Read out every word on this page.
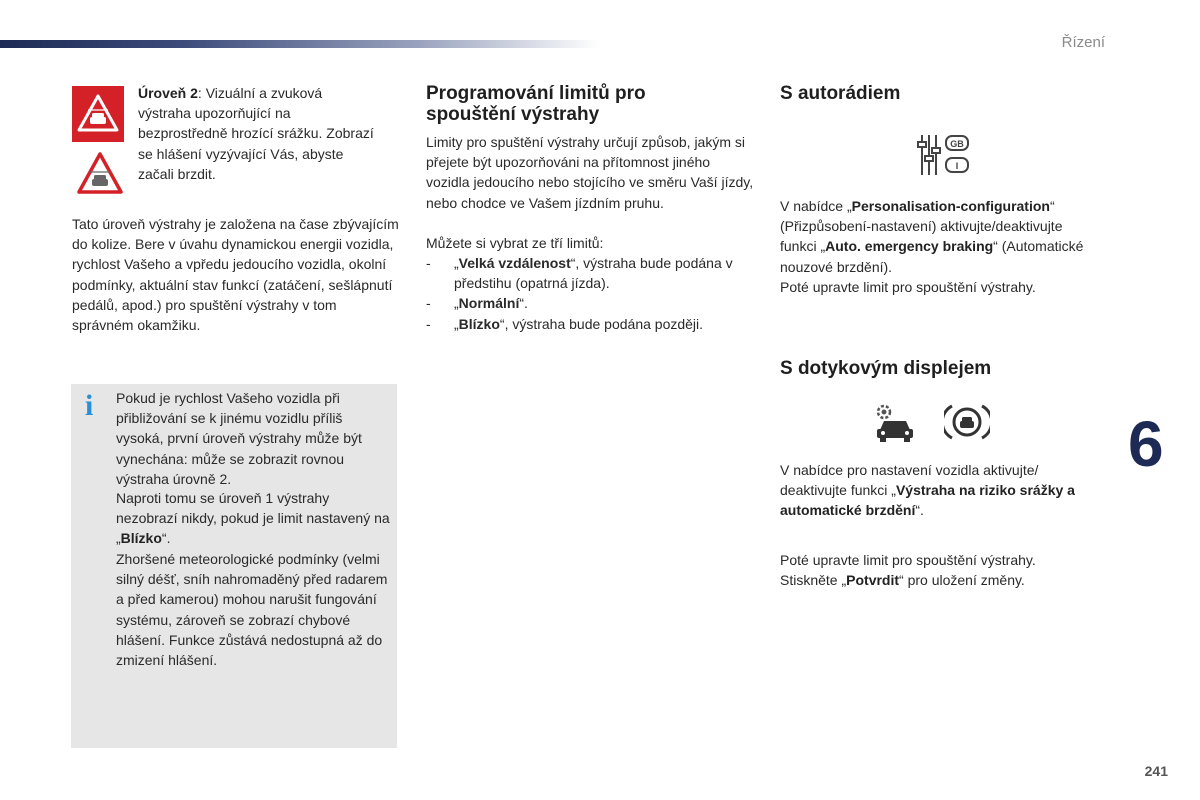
Řízení
6
241

Úroveň 2: Vizuální a zvuková výstraha upozorňující na bezprostředně hrozící srážku. Zobrazí se hlášení vyzývající Vás, abyste začali brzdit.

Tato úroveň výstrahy je založena na čase zbývajícím do kolize. Bere v úvahu dynamickou energii vozidla, rychlost Vašeho a vpředu jedoucího vozidla, okolní podmínky, aktuální stav funkcí (zatáčení, sešlápnutí pedálů, apod.) pro spuštění výstrahy v tom správném okamžiku.

i Pokud je rychlost Vašeho vozidla při přibližování se k jinému vozidlu příliš vysoká, první úroveň výstrahy může být vynechána: může se zobrazit rovnou výstraha úrovně 2.

Naproti tomu se úroveň 1 výstrahy nezobrazí nikdy, pokud je limit nastavený na „Blízko“.

Zhoršené meteorologické podmínky (velmi silný déšť, sníh nahromaděný před radarem a před kamerou) mohou narušit fungování systému, zároveň se zobrazí chybové hlášení. Funkce zůstává nedostupná až do zmizení hlášení.

Programování limitů pro spouštění výstrahy

Limity pro spuštění výstrahy určují způsob, jakým si přejete být upozorňováni na přítomnost jiného vozidla jedoucího nebo stojícího ve směru Vaší jízdy, nebo chodce ve Vašem jízdním pruhu.

Můžete si vybrat ze tří limitů:

- „Velká vzdálenost“, výstraha bude podána v předstihu (opatrná jízda).
- „Normální“.
- „Blízko“, výstraha bude podána později.
S autorádiem
GB
I

V nabídce „Personalisation-configuration“ (Přizpůsobení-nastavení) aktivujte/deaktivujte funkci „Auto. emergency braking“ (Automatické nouzové brzdění).
Poté upravte limit pro spouštění výstrahy.

S dotykovým displejem

V nabídce pro nastavení vozidla aktivujte/ deaktivujte funkci „Výstraha na riziko srážky a automatické brzdění“.

Poté upravte limit pro spouštění výstrahy.
Stiskněte „Potvrdit“ pro uložení změny.
